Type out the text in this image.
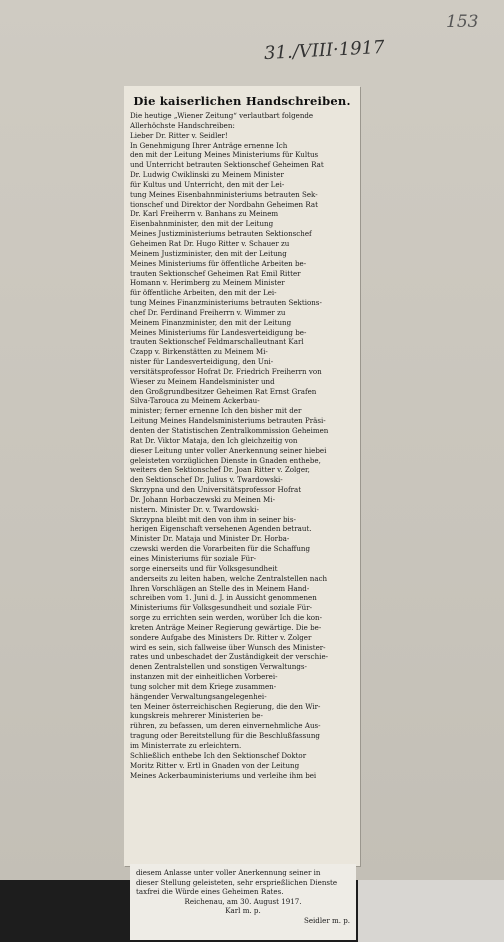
153
31./VIII·1917
Die kaiserlichen Handschreiben.
Die heutige „Wiener Zeitung“ verlautbart folgende
Allerhöchste Handschreiben:
Lieber Dr. Ritter v. Seidler!
In Genehmigung Ihrer Anträge ernenne Ich
den mit der Leitung Meines Ministeriums für Kultus
und Unterricht betrauten Sektionschef Geheimen Rat
Dr. Ludwig Cwiklinski zu Meinem Minister
für Kultus und Unterricht, den mit der Lei-
tung Meines Eisenbahnministeriums betrauten Sek-
tionschef und Direktor der Nordbahn Geheimen Rat
Dr. Karl Freiherrn v. Banhans zu Meinem
Eisenbahnminister, den mit der Leitung
Meines Justizministeriums betrauten Sektionschef
Geheimen Rat Dr. Hugo Ritter v. Schauer zu
Meinem Justizminister, den mit der Leitung
Meines Ministeriums für öffentliche Arbeiten be-
trauten Sektionschef Geheimen Rat Emil Ritter
Homann v. Herimberg zu Meinem Minister
für öffentliche Arbeiten, den mit der Lei-
tung Meines Finanzministeriums betrauten Sektions-
chef Dr. Ferdinand Freiherrn v. Wimmer zu
Meinem Finanzminister, den mit der Leitung
Meines Ministeriums für Landesverteidigung be-
trauten Sektionschef Feldmarschalleutnant Karl
Czapp v. Birkenstätten zu Meinem Mi-
nister für Landesverteidigung, den Uni-
versitätsprofessor Hofrat Dr. Friedrich Freiherrn von
Wieser zu Meinem Handelsminister und
den Großgrundbesitzer Geheimen Rat Ernst Grafen
Silva-Tarouca zu Meinem Ackerbau-
minister; ferner ernenne Ich den bisher mit der
Leitung Meines Handelsministeriums betrauten Präsi-
denten der Statistischen Zentralkommission Geheimen
Rat Dr. Viktor Mataja, den Ich gleichzeitig von
dieser Leitung unter voller Anerkennung seiner hiebei
geleisteten vorzüglichen Dienste in Gnaden enthebe,
weiters den Sektionschef Dr. Joan Ritter v. Zolger,
den Sektionschef Dr. Julius v. Twardowski-
Skrzypna und den Universitätsprofessor Hofrat
Dr. Johann Horbaczewski zu Meinen Mi-
nistern. Minister Dr. v. Twardowski-
Skrzypna bleibt mit den von ihm in seiner bis-
herigen Eigenschaft versehenen Agenden betraut.
Minister Dr. Mataja und Minister Dr. Horba-
czewski werden die Vorarbeiten für die Schaffung
eines Ministeriums für soziale Für-
sorge einerseits und für Volksgesundheit
anderseits zu leiten haben, welche Zentralstellen nach
Ihren Vorschlägen an Stelle des in Meinem Hand-
schreiben vom 1. Juni d. J. in Aussicht genommenen
Ministeriums für Volksgesundheit und soziale Für-
sorge zu errichten sein werden, worüber Ich die kon-
kreten Anträge Meiner Regierung gewärtige. Die be-
sondere Aufgabe des Ministers Dr. Ritter v. Zolger
wird es sein, sich fallweise über Wunsch des Minister-
rates und unbeschadet der Zuständigkeit der verschie-
denen Zentralstellen und sonstigen Verwaltungs-
instanzen mit der einheitlichen Vorberei-
tung solcher mit dem Kriege zusammen-
hängender Verwaltungsangelegenhei-
ten Meiner österreichischen Regierung, die den Wir-
kungskreis mehrerer Ministerien be-
rühren, zu befassen, um deren einvernehmliche Aus-
tragung oder Bereitstellung für die Beschlußfassung
im Ministerrate zu erleichtern.
Schließlich enthebe Ich den Sektionschef Doktor
Moritz Ritter v. Ertl in Gnaden von der Leitung
Meines Ackerbauministeriums und verleihe ihm bei
diesem Anlasse unter voller Anerkennung seiner in
dieser Stellung geleisteten, sehr ersprießlichen Dienste
taxfrei die Würde eines Geheimen Rates.
Reichenau, am 30. August 1917.
Karl m. p.
Seidler m. p.
